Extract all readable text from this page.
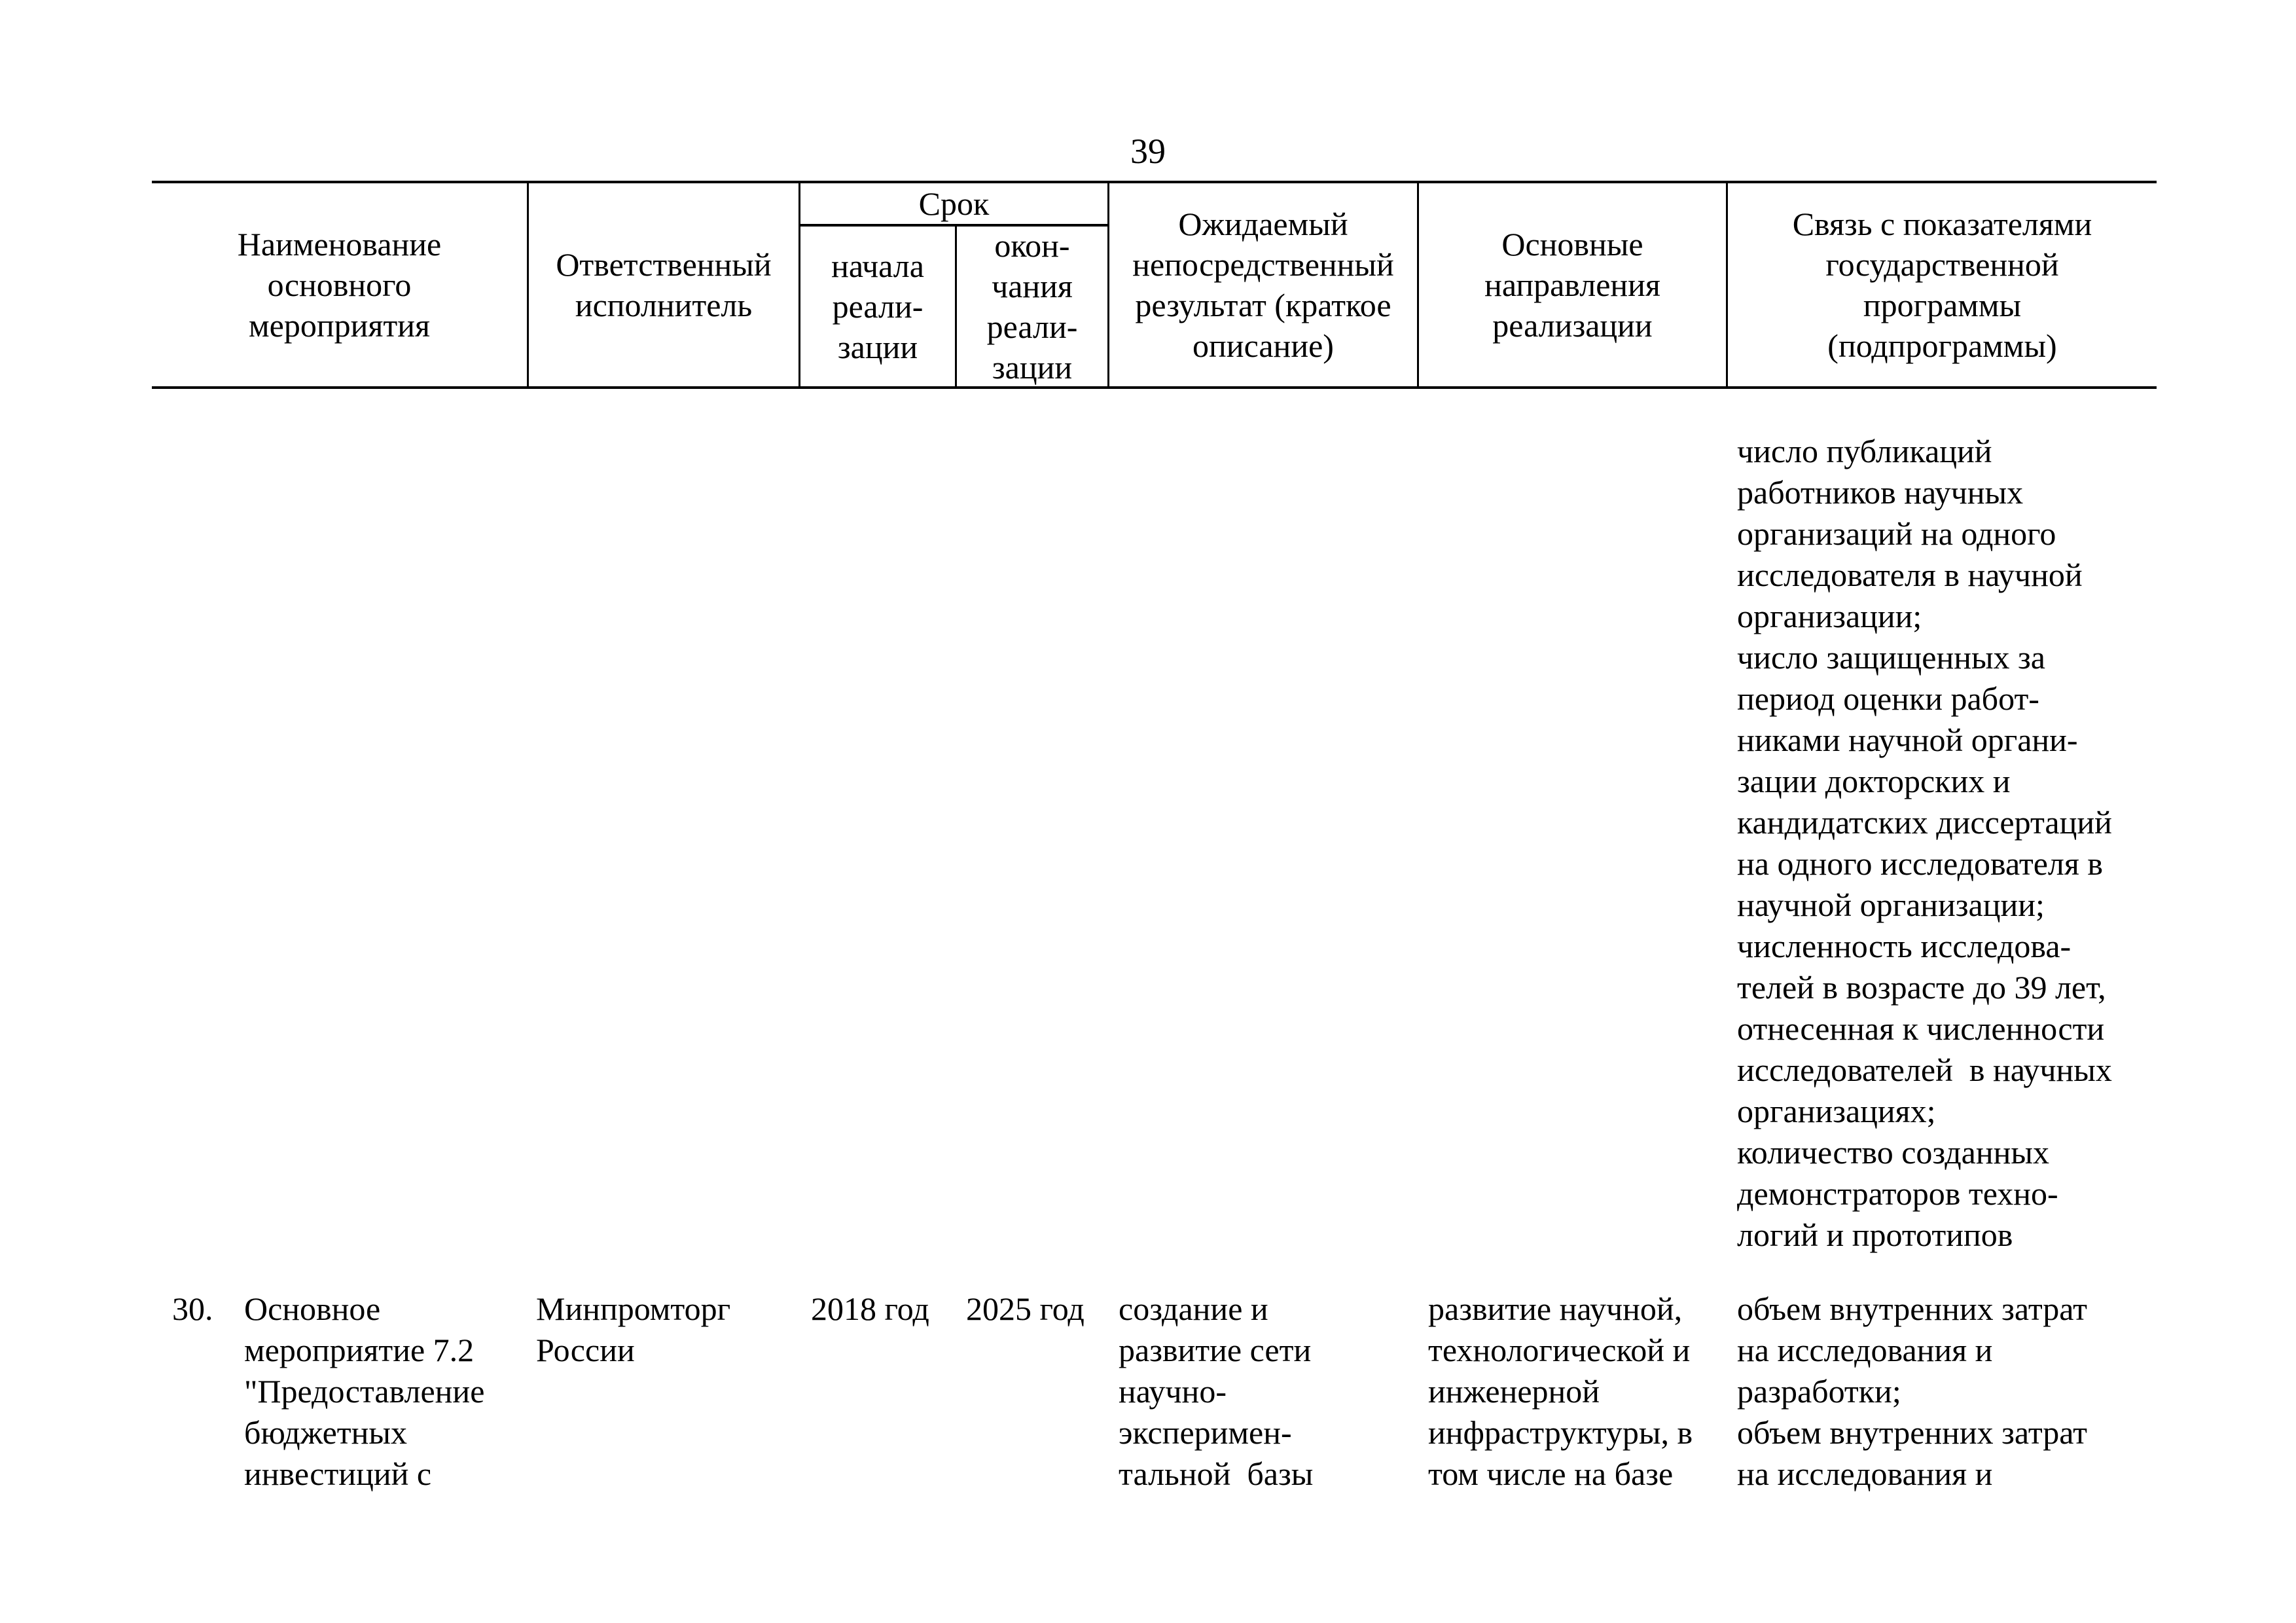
39
Наименование
основного
мероприятия
Ответственный
исполнитель
Срок
начала
реали-
зации
окон-
чания
реали-
зации
Ожидаемый
непосредственный
результат (краткое
описание)
Основные
направления
реализации
Связь с показателями
государственной
программы
(подпрограммы)
число публикаций
работников научных
организаций на одного
исследователя в научной
организации;
число защищенных за
период оценки работ-
никами научной органи-
зации докторских и
кандидатских диссертаций
на одного исследователя в
научной организации;
численность исследова-
телей в возрасте до 39 лет,
отнесенная к численности
исследователей  в научных
организациях;
количество созданных
демонстраторов техно-
логий и прототипов
30. Основное
мероприятие 7.2
"Предоставление
бюджетных
инвестиций с
Минпромторг
России
2018 год 2025 год создание и
развитие сети
научно-
эксперимен-
тальной  базы
развитие научной,
технологической и
инженерной
инфраструктуры, в
том числе на базе
объем внутренних затрат
на исследования и
разработки;
объем внутренних затрат
на исследования и
